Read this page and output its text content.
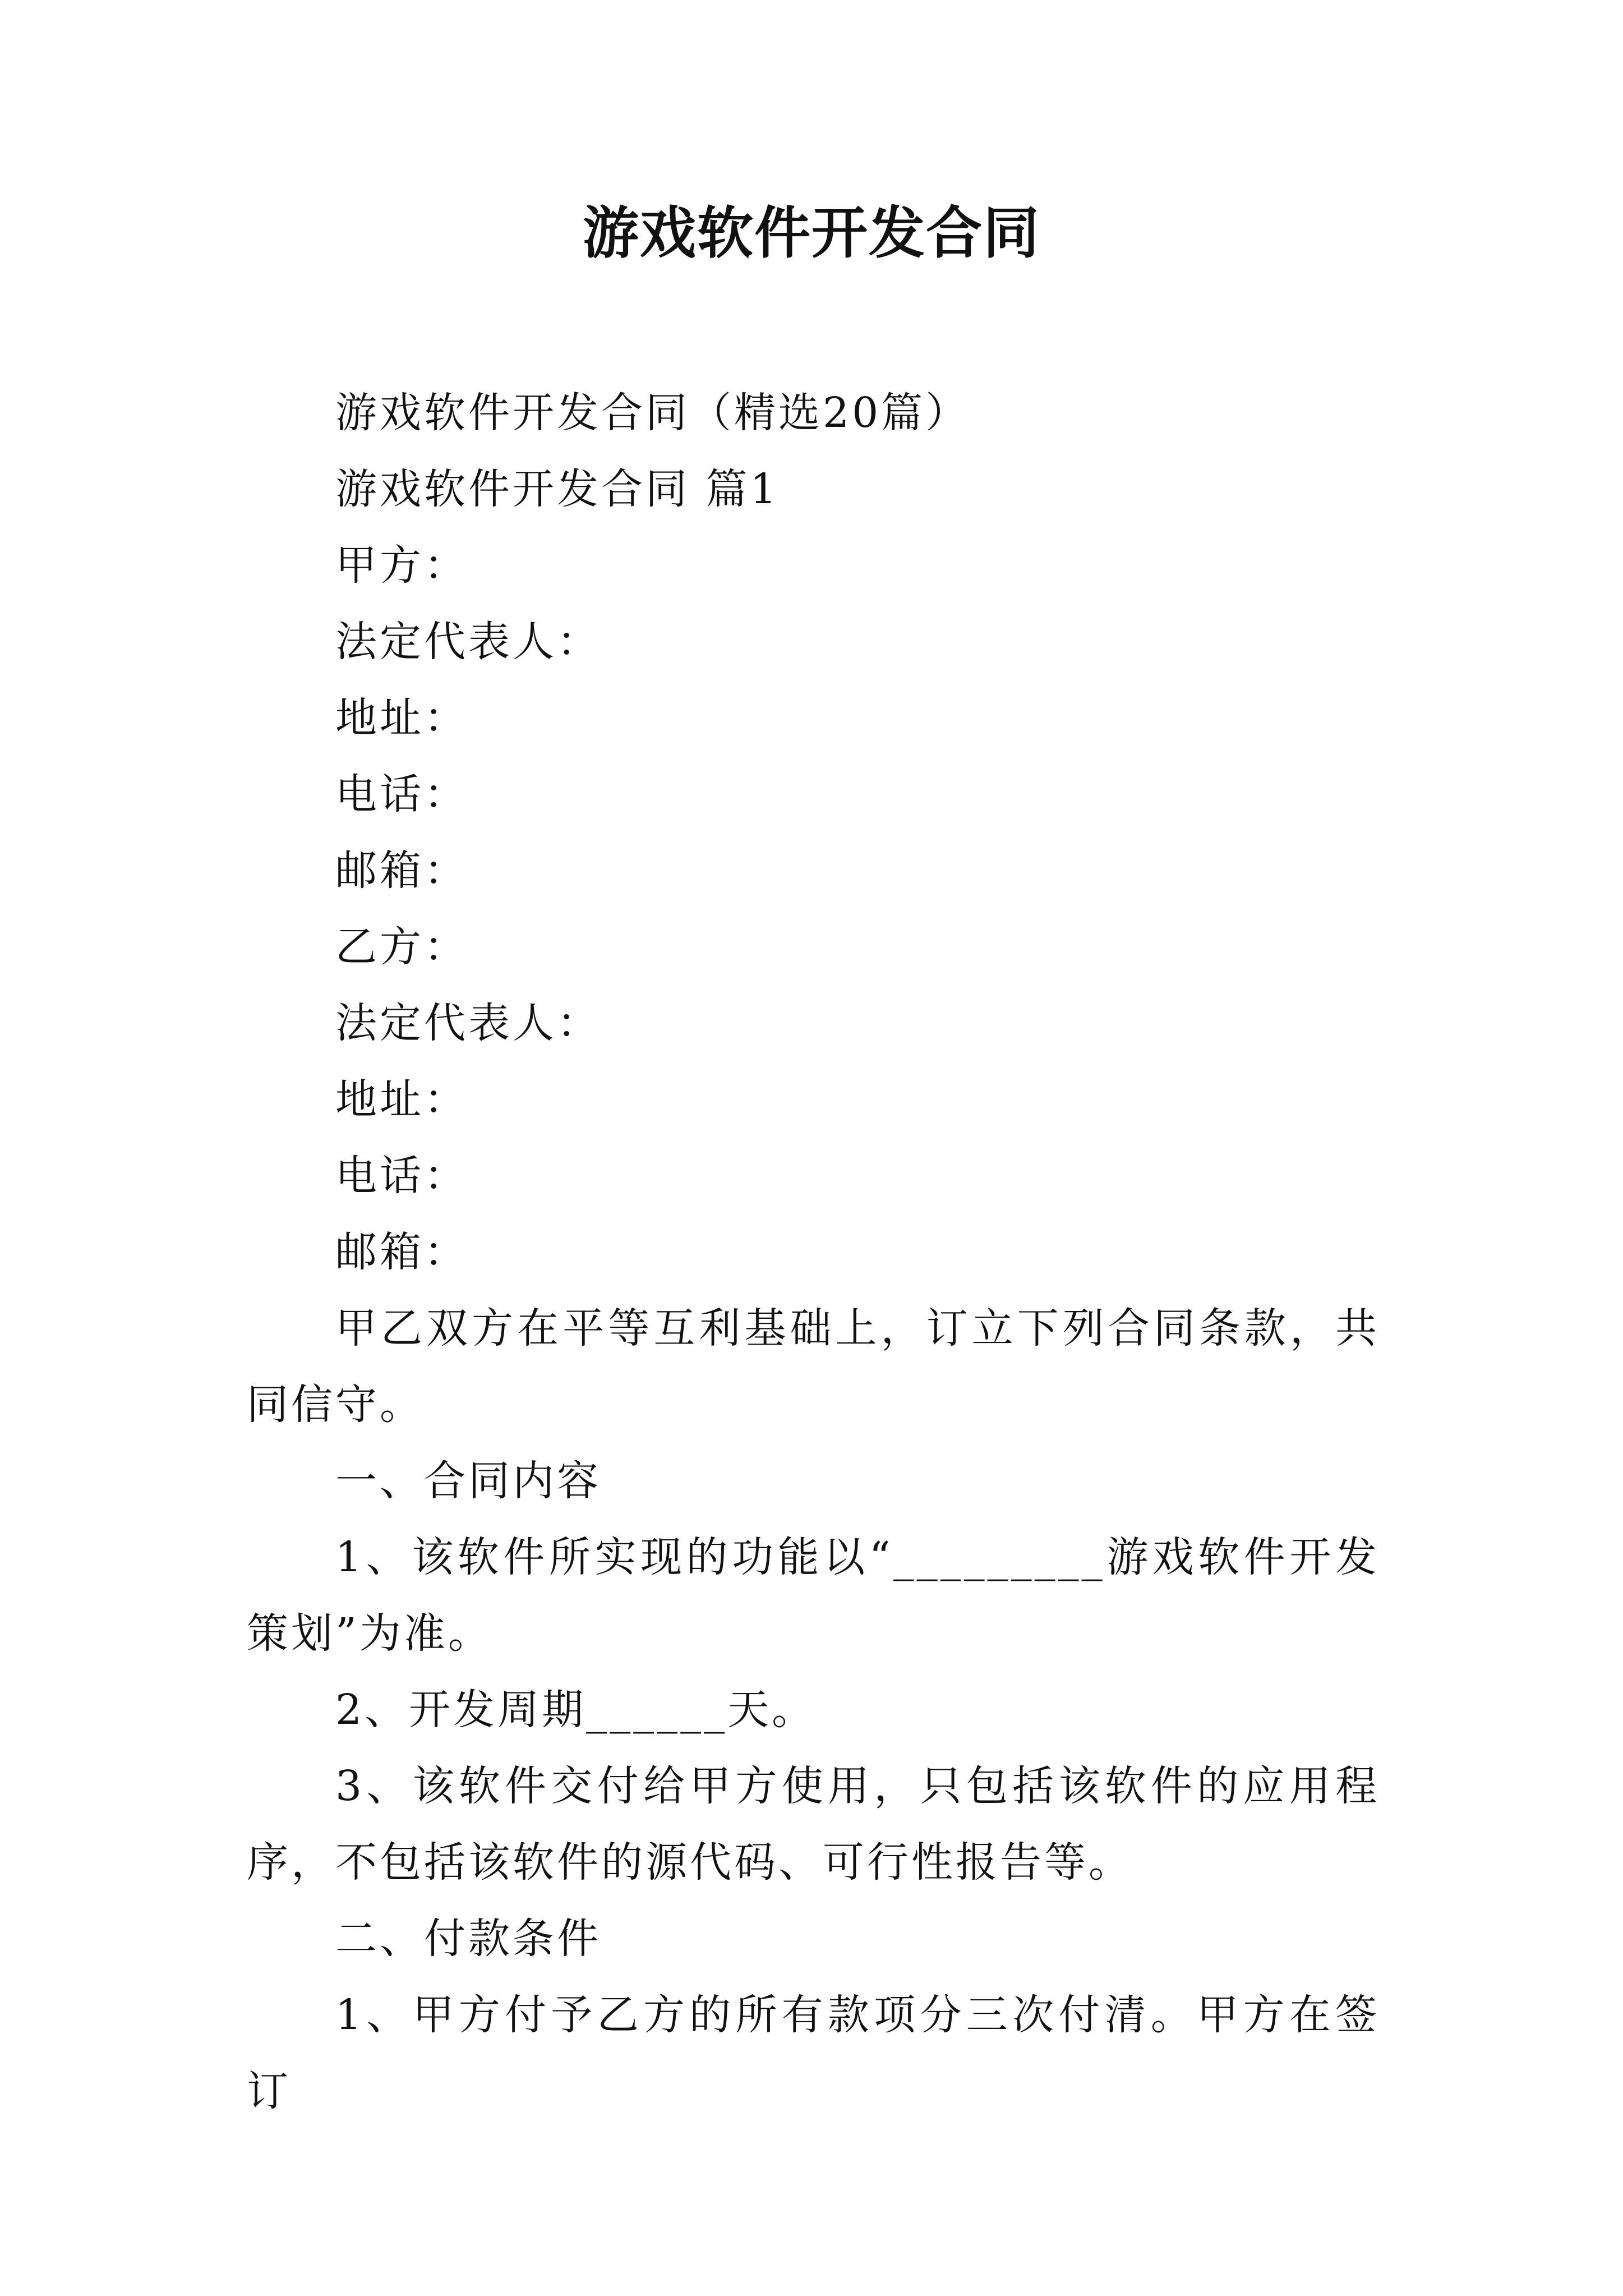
游戏软件开发合同

游戏软件开发合同（精选20篇）

游戏软件开发合同 篇1

甲方：

法定代表人：

地址：

电话：

邮箱：

乙方：

法定代表人：

地址：

电话：

邮箱：

甲乙双方在平等互利基础上，订立下列合同条款，共同信守。

一、合同内容

1、该软件所实现的功能以“_________游戏软件开发策划”为准。

2、开发周期______天。

3、该软件交付给甲方使用，只包括该软件的应用程序，不包括该软件的源代码、可行性报告等。

二、付款条件

1、甲方付予乙方的所有款项分三次付清。甲方在签订
